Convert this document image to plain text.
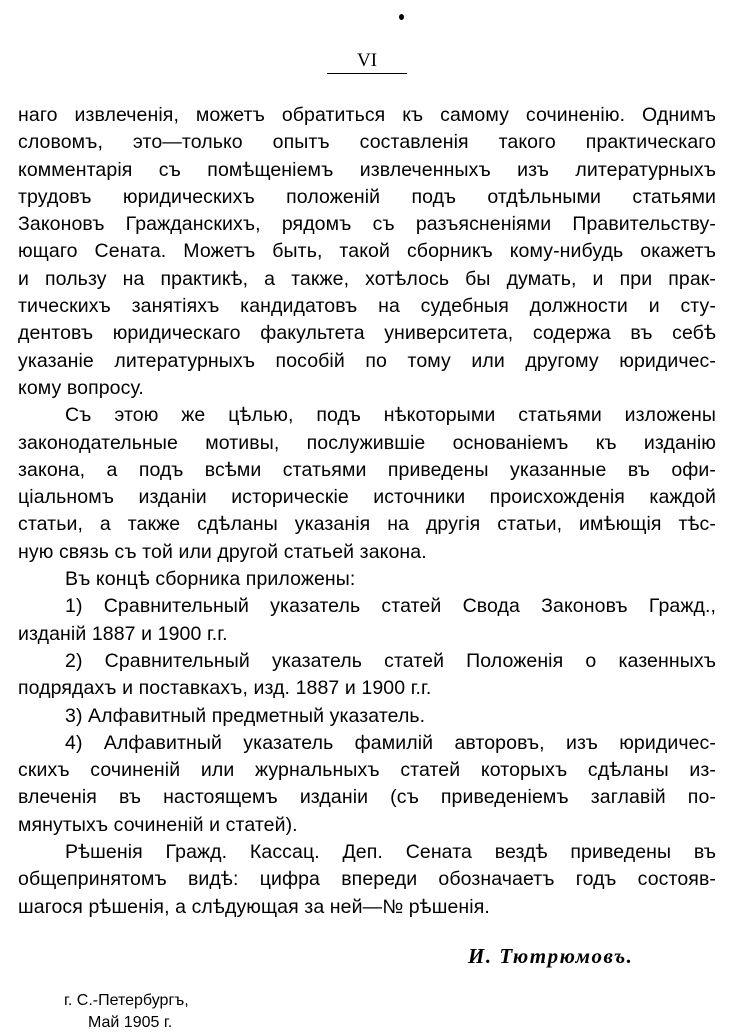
VI
наго извлеченія, можетъ обратиться къ самому сочиненію. Однимъ
словомъ, это—только опытъ составленія такого практическаго
комментарія съ помѣщеніемъ извлеченныхъ изъ литературныхъ
трудовъ юридическихъ положеній подъ отдѣльными статьями
Законовъ Гражданскихъ, рядомъ съ разъясненіями Правительству-
ющаго Сената. Можетъ быть, такой сборникъ кому-нибудь окажетъ
и пользу на практикѣ, а также, хотѣлось бы думать, и при прак-
тическихъ занятіяхъ кандидатовъ на судебныя должности и сту-
дентовъ юридическаго факультета университета, содержа въ себѣ
указаніе литературныхъ пособій по тому или другому юридичес-
кому вопросу.
Съ этою же цѣлью, подъ нѣкоторыми статьями изложены
законодательные мотивы, послужившіе основаніемъ къ изданію
закона, а подъ всѣми статьями приведены указанные въ офи-
ціальномъ изданіи историческіе источники происхожденія каждой
статьи, а также сдѣланы указанія на другія статьи, имѣющія тѣс-
ную связь съ той или другой статьей закона.
Въ концѣ сборника приложены:
1) Сравнительный указатель статей Свода Законовъ Гражд.,
изданій 1887 и 1900 г.г.
2) Сравнительный указатель статей Положенія о казенныхъ
подрядахъ и поставкахъ, изд. 1887 и 1900 г.г.
3) Алфавитный предметный указатель.
4) Алфавитный указатель фамилій авторовъ, изъ юридичес-
скихъ сочиненій или журнальныхъ статей которыхъ сдѣланы из-
влеченія въ настоящемъ изданіи (съ приведеніемъ заглавій по-
мянутыхъ сочиненій и статей).
Рѣшенія Гражд. Кассац. Деп. Сената вездѣ приведены въ
общепринятомъ видѣ: цифра впереди обозначаетъ годъ состояв-
шагося рѣшенія, а слѣдующая за ней—№ рѣшенія.
И. Тютрюмовъ.
г. С.-Петербургъ,
Май 1905 г.
